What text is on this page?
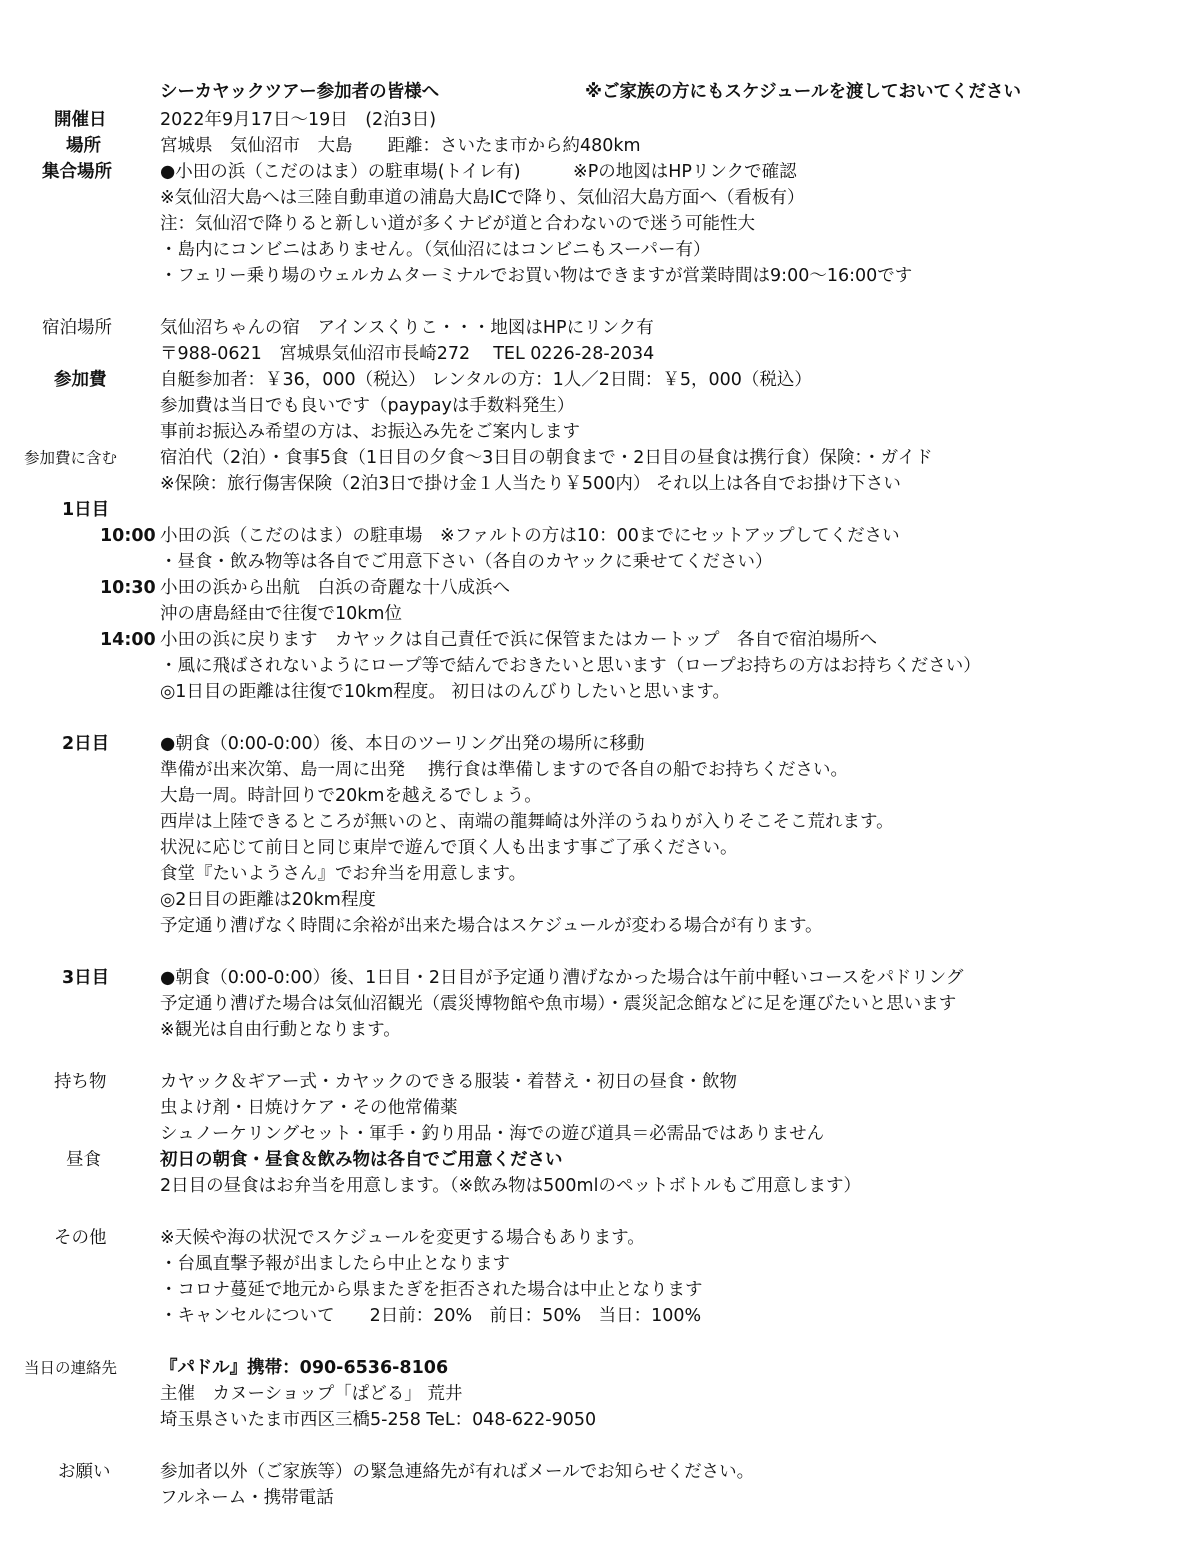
シーカヤックツアー参加者の皆様へ	※ご家族の方にもスケジュールを渡しておいてください
開催日	2022年9月17日～19日　(2泊3日)
場所	宮城県　気仙沼市　大島　　距離：さいたま市から約480km
集合場所	●小田の浜（こだのはま）の駐車場(トイレ有)　　　※Pの地図はHPリンクで確認
※気仙沼大島へは三陸自動車道の浦島大島ICで降り、気仙沼大島方面へ（看板有）
注：気仙沼で降りると新しい道が多くナビが道と合わないので迷う可能性大
・島内にコンビニはありません。（気仙沼にはコンビニもスーパー有）
・フェリー乗り場のウェルカムターミナルでお買い物はできますが営業時間は9:00～16:00です
宿泊場所	気仙沼ちゃんの宿　アインスくりこ・・・地図はHPにリンク有
〒988-0621　宮城県気仙沼市長崎272　 TEL 0226-28-2034
参加費	自艇参加者：￥36，000（税込） レンタルの方：1人／2日間：￥5，000（税込）
参加費は当日でも良いです（paypayは手数料発生）
事前お振込み希望の方は、お振込み先をご案内します
参加費に含む 宿泊代（2泊）・食事5食（1日目の夕食～3日目の朝食まで・2日目の昼食は携行食）保険：・ガイド
※保険：旅行傷害保険（2泊3日で掛け金１人当たり￥500内） それ以上は各自でお掛け下さい
1日目
10:00 小田の浜（こだのはま）の駐車場　※ファルトの方は10：00までにセットアップしてください
・昼食・飲み物等は各自でご用意下さい（各自のカヤックに乗せてください）
10:30 小田の浜から出航　白浜の奇麗な十八成浜へ
沖の唐島経由で往復で10km位
14:00 小田の浜に戻ります　カヤックは自己責任で浜に保管またはカートップ　各自で宿泊場所へ
・風に飛ばされないようにロープ等で結んでおきたいと思います（ロープお持ちの方はお持ちください）
◎1日目の距離は往復で10km程度。 初日はのんびりしたいと思います。
2日目	●朝食（0:00-0:00）後、本日のツーリング出発の場所に移動
準備が出来次第、島一周に出発　 携行食は準備しますので各自の船でお持ちください。
大島一周。時計回りで20kmを越えるでしょう。
西岸は上陸できるところが無いのと、南端の龍舞崎は外洋のうねりが入りそこそこ荒れます。
状況に応じて前日と同じ東岸で遊んで頂く人も出ます事ご了承ください。
食堂『たいようさん』でお弁当を用意します。
◎2日目の距離は20km程度
予定通り漕げなく時間に余裕が出来た場合はスケジュールが変わる場合が有ります。
3日目	●朝食（0:00-0:00）後、1日目・2日目が予定通り漕げなかった場合は午前中軽いコースをパドリング
予定通り漕げた場合は気仙沼観光（震災博物館や魚市場）・震災記念館などに足を運びたいと思います
※観光は自由行動となります。
持ち物	カヤック＆ギアー式・カヤックのできる服装・着替え・初日の昼食・飲物
虫よけ剤・日焼けケア・その他常備薬
シュノーケリングセット・軍手・釣り用品・海での遊び道具＝必需品ではありません
昼食	初日の朝食・昼食＆飲み物は各自でご用意ください
2日目の昼食はお弁当を用意します。（※飲み物は500mlのペットボトルもご用意します）
その他	※天候や海の状況でスケジュールを変更する場合もあります。
・台風直撃予報が出ましたら中止となります
・コロナ蔓延で地元から県またぎを拒否された場合は中止となります
・キャンセルについて　　2日前：20%　前日：50%　当日：100%
当日の連絡先 『パドル』携帯：090-6536-8106
主催　カヌーショップ「ぱどる」 荒井
埼玉県さいたま市西区三橋5-258 TeL：048-622-9050
お願い	参加者以外（ご家族等）の緊急連絡先が有ればメールでお知らせください。
フルネーム・携帯電話
